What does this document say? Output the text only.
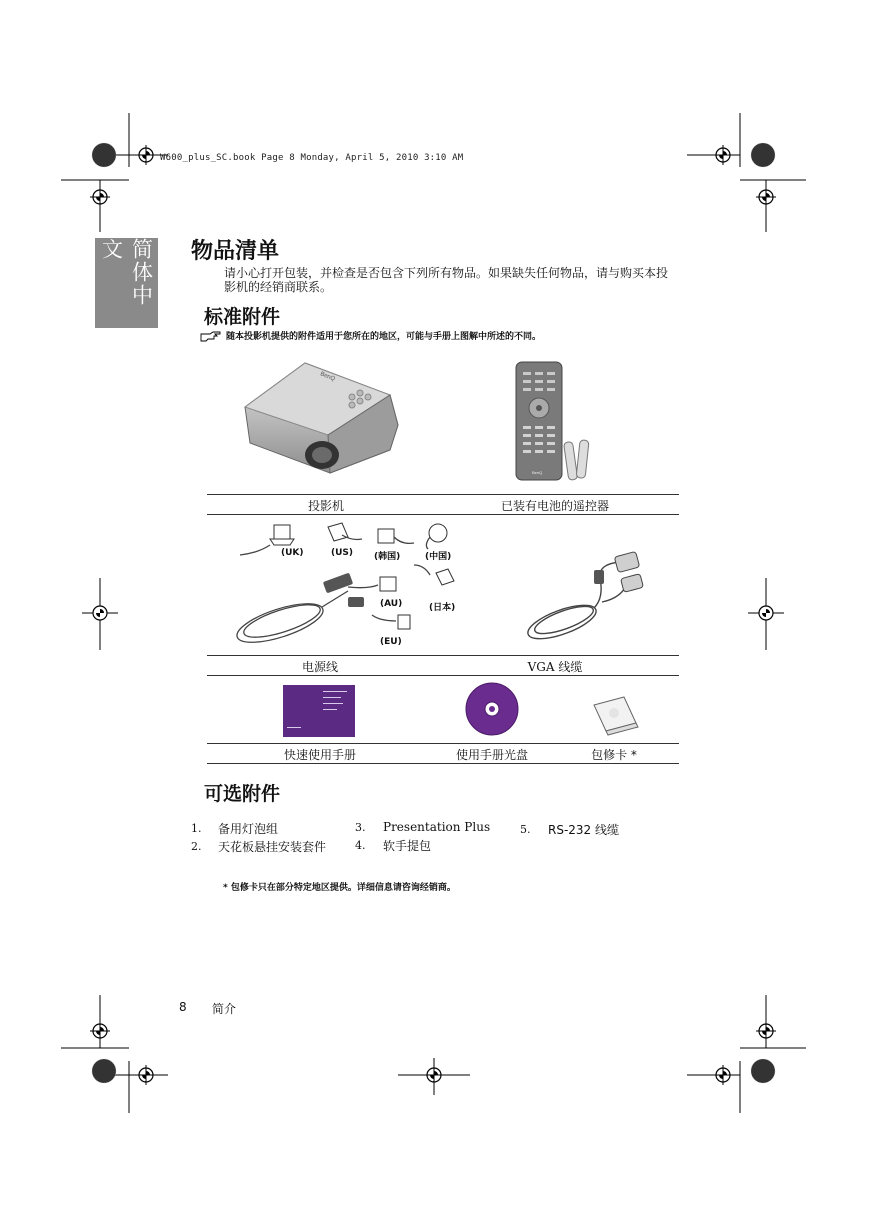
W600_plus_SC.book Page 8 Monday, April 5, 2010 3:10 AM
简体中文	物品清单
请小心打开包装，并检查是否包含下列所有物品。如果缺失任何物品，请与购买本投影机的经销商联系。
标准附件
随本投影机提供的附件适用于您所在的地区，可能与手册上图解中所述的不同。
BenQ
BenQ
投影机	已装有电池的遥控器
(UK)	(US) (韩国)	(中国)
(AU)	(日本)
(EU)
电源线	VGA 线缆
快速使用手册	使用手册光盘	包修卡 *
可选附件
1. 备用灯泡组
2. 天花板悬挂安装套件
3. Presentation Plus
4. 软手提包
5. RS-232 线缆
* 包修卡只在部分特定地区提供。详细信息请咨询经销商。
8 简介
